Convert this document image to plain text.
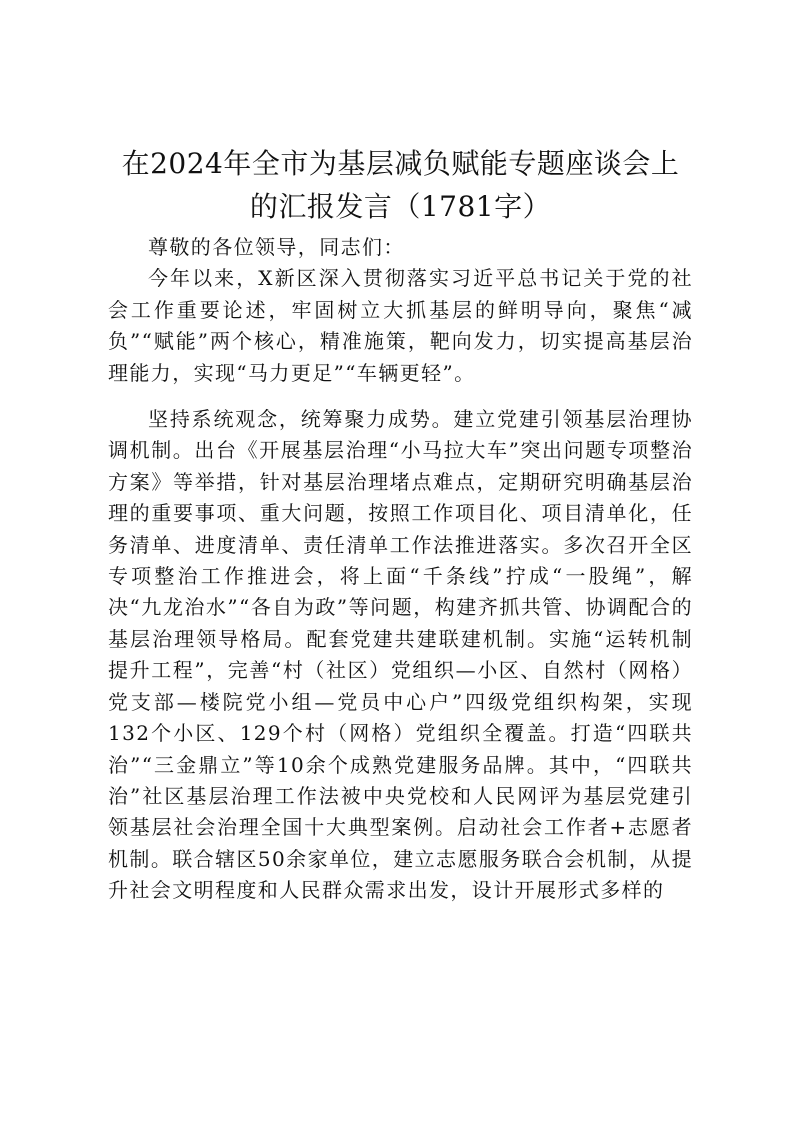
在2024年全市为基层减负赋能专题座谈会上
的汇报发言（1781字）

尊敬的各位领导，同志们：

今年以来，X新区深入贯彻落实习近平总书记关于党的社会工作重要论述，牢固树立大抓基层的鲜明导向，聚焦“减负”“赋能”两个核心，精准施策，靶向发力，切实提高基层治理能力，实现“马力更足”“车辆更轻”。

坚持系统观念，统筹聚力成势。建立党建引领基层治理协调机制。出台《开展基层治理“小马拉大车”突出问题专项整治方案》等举措，针对基层治理堵点难点，定期研究明确基层治理的重要事项、重大问题，按照工作项目化、项目清单化，任务清单、进度清单、责任清单工作法推进落实。多次召开全区专项整治工作推进会，将上面“千条线”拧成“一股绳”，解决“九龙治水”“各自为政”等问题，构建齐抓共管、协调配合的基层治理领导格局。配套党建共建联建机制。实施“运转机制提升工程”，完善“村（社区）党组织—小区、自然村（网格）党支部—楼院党小组—党员中心户”四级党组织构架，实现132个小区、129个村（网格）党组织全覆盖。打造“四联共治”“三金鼎立”等10余个成熟党建服务品牌。其中，“四联共治”社区基层治理工作法被中央党校和人民网评为基层党建引领基层社会治理全国十大典型案例。启动社会工作者+志愿者机制。联合辖区50余家单位，建立志愿服务联合会机制，从提升社会文明程度和人民群众需求出发，设计开展形式多样的
